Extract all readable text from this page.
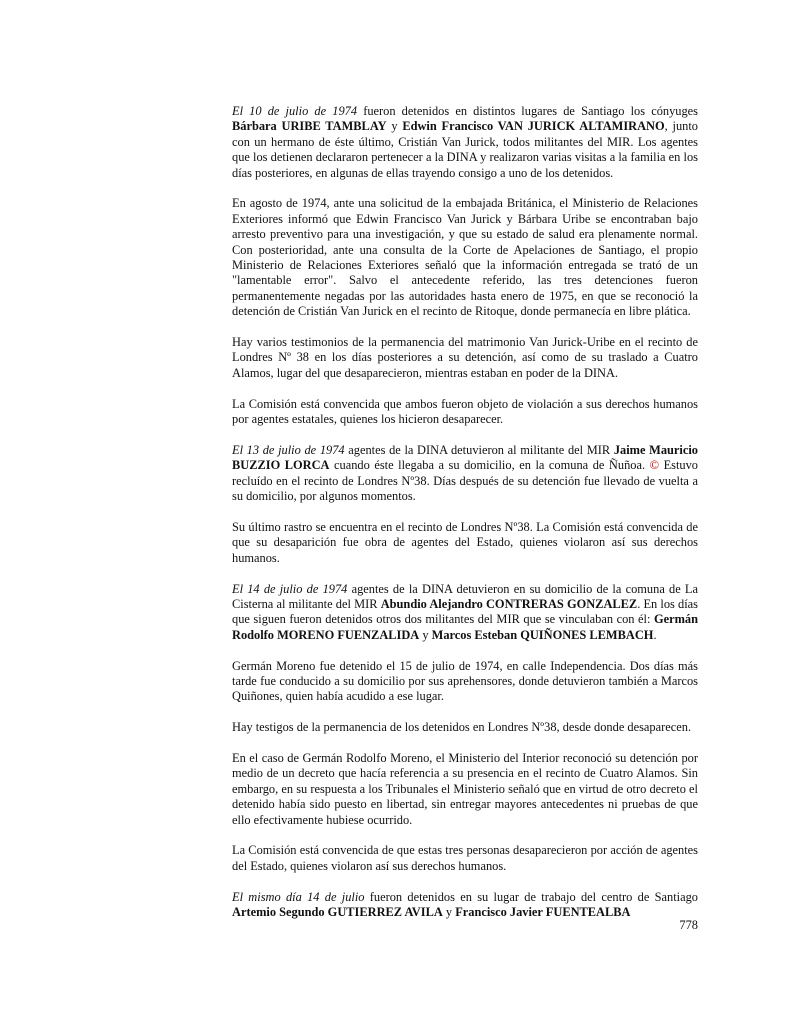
El 10 de julio de 1974 fueron detenidos en distintos lugares de Santiago los cónyuges Bárbara URIBE TAMBLAY y Edwin Francisco VAN JURICK ALTAMIRANO, junto con un hermano de éste último, Cristián Van Jurick, todos militantes del MIR. Los agentes que los detienen declararon pertenecer a la DINA y realizaron varias visitas a la familia en los días posteriores, en algunas de ellas trayendo consigo a uno de los detenidos.

En agosto de 1974, ante una solicitud de la embajada Británica, el Ministerio de Relaciones Exteriores informó que Edwin Francisco Van Jurick y Bárbara Uribe se encontraban bajo arresto preventivo para una investigación, y que su estado de salud era plenamente normal. Con posterioridad, ante una consulta de la Corte de Apelaciones de Santiago, el propio Ministerio de Relaciones Exteriores señaló que la información entregada se trató de un "lamentable error". Salvo el antecedente referido, las tres detenciones fueron permanentemente negadas por las autoridades hasta enero de 1975, en que se reconoció la detención de Cristián Van Jurick en el recinto de Ritoque, donde permanecía en libre plática.

Hay varios testimonios de la permanencia del matrimonio Van Jurick-Uribe en el recinto de Londres Nº 38 en los días posteriores a su detención, así como de su traslado a Cuatro Alamos, lugar del que desaparecieron, mientras estaban en poder de la DINA.

La Comisión está convencida que ambos fueron objeto de violación a sus derechos humanos por agentes estatales, quienes los hicieron desaparecer.

El 13 de julio de 1974 agentes de la DINA detuvieron al militante del MIR Jaime Mauricio BUZZIO LORCA cuando éste llegaba a su domicilio, en la comuna de Ñuñoa. © Estuvo recluído en el recinto de Londres Nº38. Días después de su detención fue llevado de vuelta a su domicilio, por algunos momentos.

Su último rastro se encuentra en el recinto de Londres Nº38. La Comisión está convencida de que su desaparición fue obra de agentes del Estado, quienes violaron así sus derechos humanos.

El 14 de julio de 1974 agentes de la DINA detuvieron en su domicilio de la comuna de La Cisterna al militante del MIR Abundio Alejandro CONTRERAS GONZALEZ. En los días que siguen fueron detenidos otros dos militantes del MIR que se vinculaban con él: Germán Rodolfo MORENO FUENZALIDA y Marcos Esteban QUIÑONES LEMBACH.

Germán Moreno fue detenido el 15 de julio de 1974, en calle Independencia. Dos días más tarde fue conducido a su domicilio por sus aprehensores, donde detuvieron también a Marcos Quiñones, quien había acudido a ese lugar.

Hay testigos de la permanencia de los detenidos en Londres Nº38, desde donde desaparecen.

En el caso de Germán Rodolfo Moreno, el Ministerio del Interior reconoció su detención por medio de un decreto que hacía referencia a su presencia en el recinto de Cuatro Alamos. Sin embargo, en su respuesta a los Tribunales el Ministerio señaló que en virtud de otro decreto el detenido había sido puesto en libertad, sin entregar mayores antecedentes ni pruebas de que ello efectivamente hubiese ocurrido.

La Comisión está convencida de que estas tres personas desaparecieron por acción de agentes del Estado, quienes violaron así sus derechos humanos.

El mismo día 14 de julio fueron detenidos en su lugar de trabajo del centro de Santiago Artemio Segundo GUTIERREZ AVILA y Francisco Javier FUENTEALBA

778
